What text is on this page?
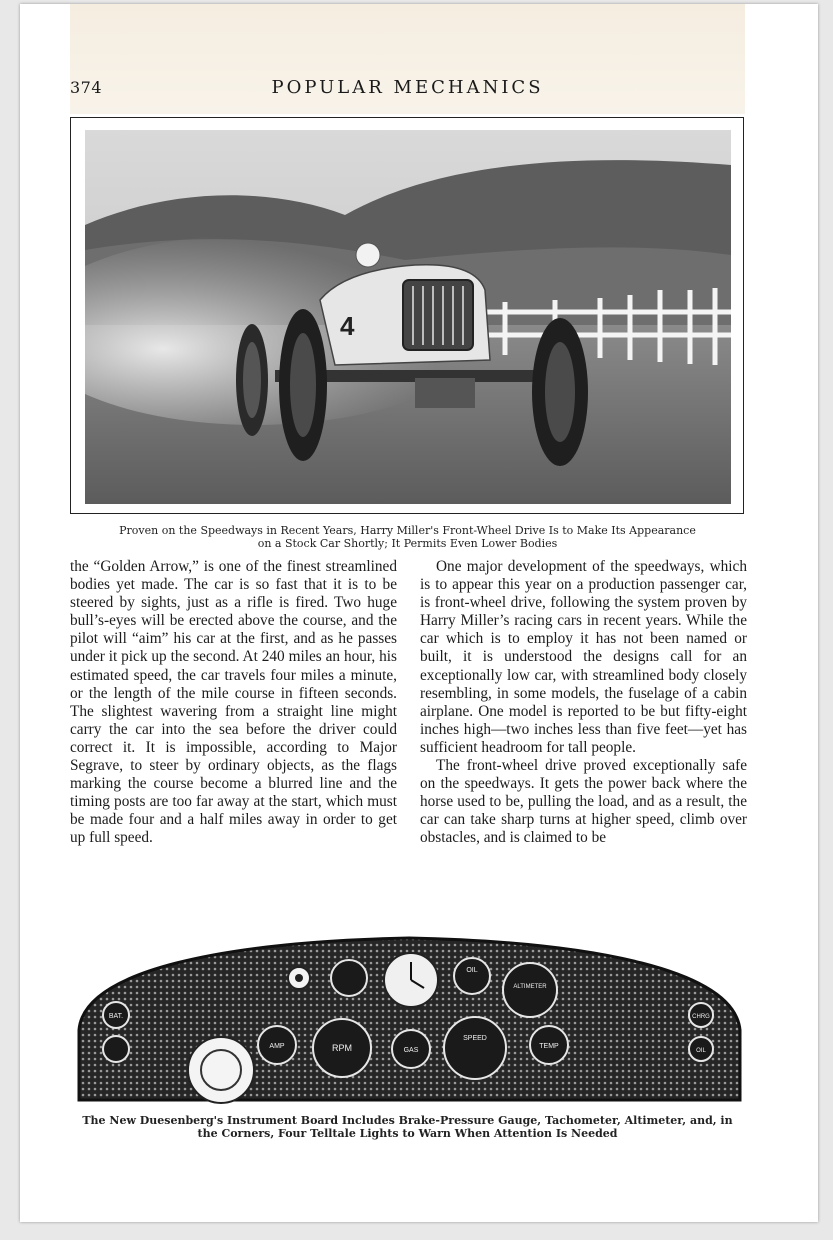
374	POPULAR MECHANICS
4
Proven on the Speedways in Recent Years, Harry Miller's Front-Wheel Drive Is to Make Its Appearance
on a Stock Car Shortly; It Permits Even Lower Bodies

the “Golden Arrow,” is one of the finest streamlined bodies yet made. The car is so fast that it is to be steered by sights, just as a rifle is fired. Two huge bull’s-eyes will be erected above the course, and the pilot will “aim” his car at the first, and as he passes under it pick up the second. At 240 miles an hour, his estimated speed, the car travels four miles a minute, or the length of the mile course in fifteen seconds. The slightest wavering from a straight line might carry the car into the sea before the driver could correct it. It is impossible, according to Major Segrave, to steer by ordinary objects, as the flags marking the course become a blurred line and the timing posts are too far away at the start, which must be made four and a half miles away in order to get up full speed.

One major development of the speedways, which is to appear this year on a production passenger car, is front-wheel drive, following the system proven by Harry Miller’s racing cars in recent years. While the car which is to employ it has not been named or built, it is understood the designs call for an exceptionally low car, with streamlined body closely resembling, in some models, the fuselage of a cabin airplane. One model is reported to be but fifty-eight inches high—two inches less than five feet—yet has sufficient headroom for tall people.

The front-wheel drive proved exceptionally safe on the speedways. It gets the power back where the horse used to be, pulling the load, and as a result, the car can take sharp turns at higher speed, climb over obstacles, and is claimed to be

BAT.
OIL
ALTIMETER
AMP	RPM	GAS
SPEED
TEMP
CHRG
OIL
The New Duesenberg's Instrument Board Includes Brake-Pressure Gauge, Tachometer, Altimeter, and, in
the Corners, Four Telltale Lights to Warn When Attention Is Needed
